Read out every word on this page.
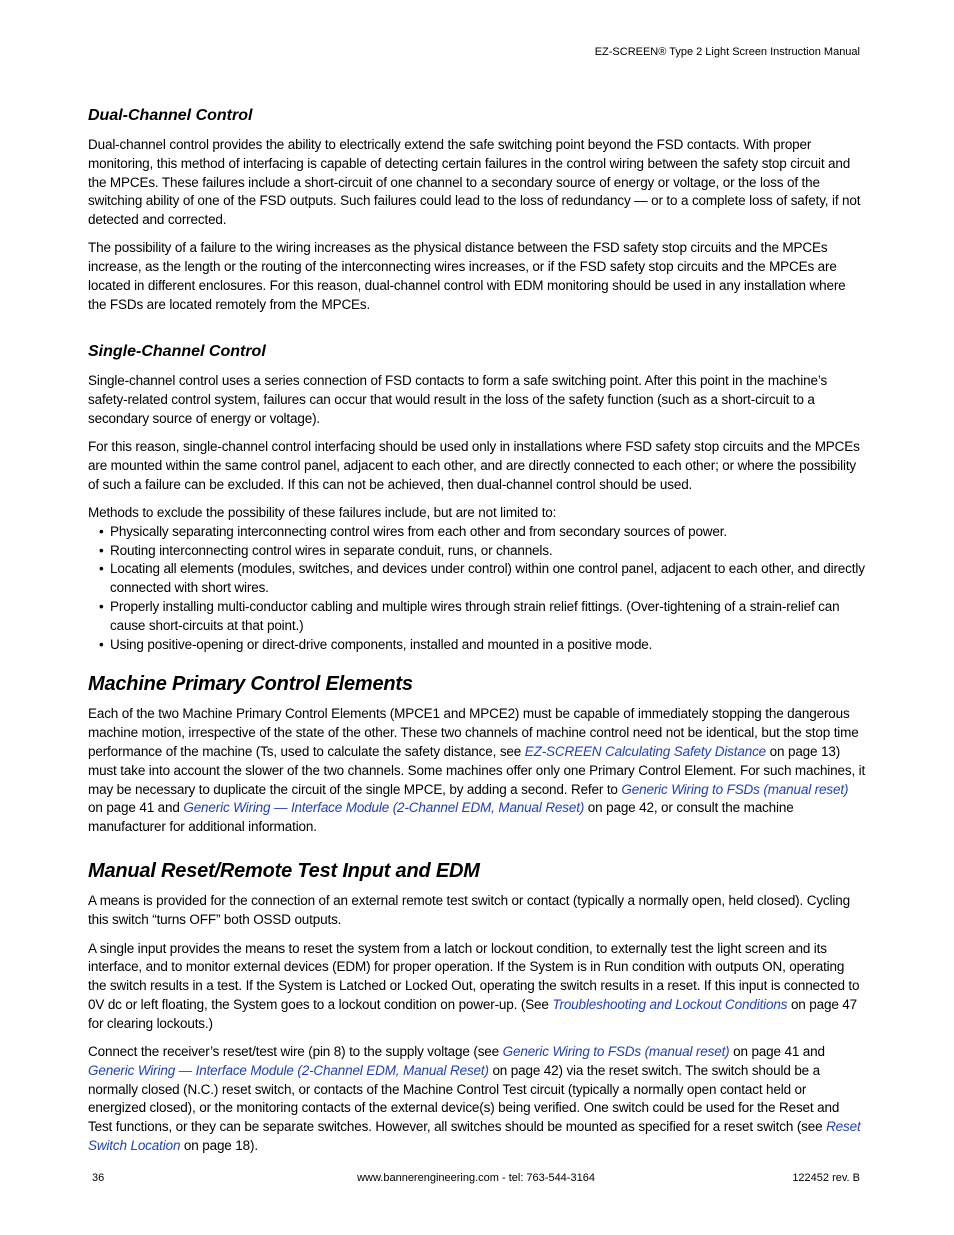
EZ-SCREEN® Type 2 Light Screen Instruction Manual
Dual-Channel Control

Dual-channel control provides the ability to electrically extend the safe switching point beyond the FSD contacts. With proper monitoring, this method of interfacing is capable of detecting certain failures in the control wiring between the safety stop circuit and the MPCEs. These failures include a short-circuit of one channel to a secondary source of energy or voltage, or the loss of the switching ability of one of the FSD outputs. Such failures could lead to the loss of redundancy — or to a complete loss of safety, if not detected and corrected.

The possibility of a failure to the wiring increases as the physical distance between the FSD safety stop circuits and the MPCEs increase, as the length or the routing of the interconnecting wires increases, or if the FSD safety stop circuits and the MPCEs are located in different enclosures. For this reason, dual-channel control with EDM monitoring should be used in any installation where the FSDs are located remotely from the MPCEs.

Single-Channel Control

Single-channel control uses a series connection of FSD contacts to form a safe switching point. After this point in the machine’s safety-related control system, failures can occur that would result in the loss of the safety function (such as a short-circuit to a secondary source of energy or voltage).

For this reason, single-channel control interfacing should be used only in installations where FSD safety stop circuits and the MPCEs are mounted within the same control panel, adjacent to each other, and are directly connected to each other; or where the possibility of such a failure can be excluded. If this can not be achieved, then dual-channel control should be used.

Methods to exclude the possibility of these failures include, but are not limited to:

• Physically separating interconnecting control wires from each other and from secondary sources of power.
• Routing interconnecting control wires in separate conduit, runs, or channels.
• Locating all elements (modules, switches, and devices under control) within one control panel, adjacent to each other, and directly connected with short wires.
• Properly installing multi-conductor cabling and multiple wires through strain relief fittings. (Over-tightening of a strain-relief can cause short-circuits at that point.)
• Using positive-opening or direct-drive components, installed and mounted in a positive mode.
Machine Primary Control Elements

Each of the two Machine Primary Control Elements (MPCE1 and MPCE2) must be capable of immediately stopping the dangerous machine motion, irrespective of the state of the other. These two channels of machine control need not be identical, but the stop time performance of the machine (Ts, used to calculate the safety distance, see EZ-SCREEN Calculating Safety Distance on page 13) must take into account the slower of the two channels. Some machines offer only one Primary Control Element. For such machines, it may be necessary to duplicate the circuit of the single MPCE, by adding a second. Refer to Generic Wiring to FSDs (manual reset) on page 41 and Generic Wiring — Interface Module (2-Channel EDM, Manual Reset) on page 42, or consult the machine manufacturer for additional information.

Manual Reset/Remote Test Input and EDM

A means is provided for the connection of an external remote test switch or contact (typically a normally open, held closed). Cycling this switch “turns OFF” both OSSD outputs.

A single input provides the means to reset the system from a latch or lockout condition, to externally test the light screen and its interface, and to monitor external devices (EDM) for proper operation. If the System is in Run condition with outputs ON, operating the switch results in a test. If the System is Latched or Locked Out, operating the switch results in a reset. If this input is connected to 0V dc or left floating, the System goes to a lockout condition on power-up. (See Troubleshooting and Lockout Conditions on page 47 for clearing lockouts.)

Connect the receiver’s reset/test wire (pin 8) to the supply voltage (see Generic Wiring to FSDs (manual reset) on page 41 and Generic Wiring — Interface Module (2-Channel EDM, Manual Reset) on page 42) via the reset switch. The switch should be a normally closed (N.C.) reset switch, or contacts of the Machine Control Test circuit (typically a normally open contact held or energized closed), or the monitoring contacts of the external device(s) being verified. One switch could be used for the Reset and Test functions, or they can be separate switches. However, all switches should be mounted as specified for a reset switch (see Reset Switch Location on page 18).

36	www.bannerengineering.com - tel: 763-544-3164	122452 rev. B
